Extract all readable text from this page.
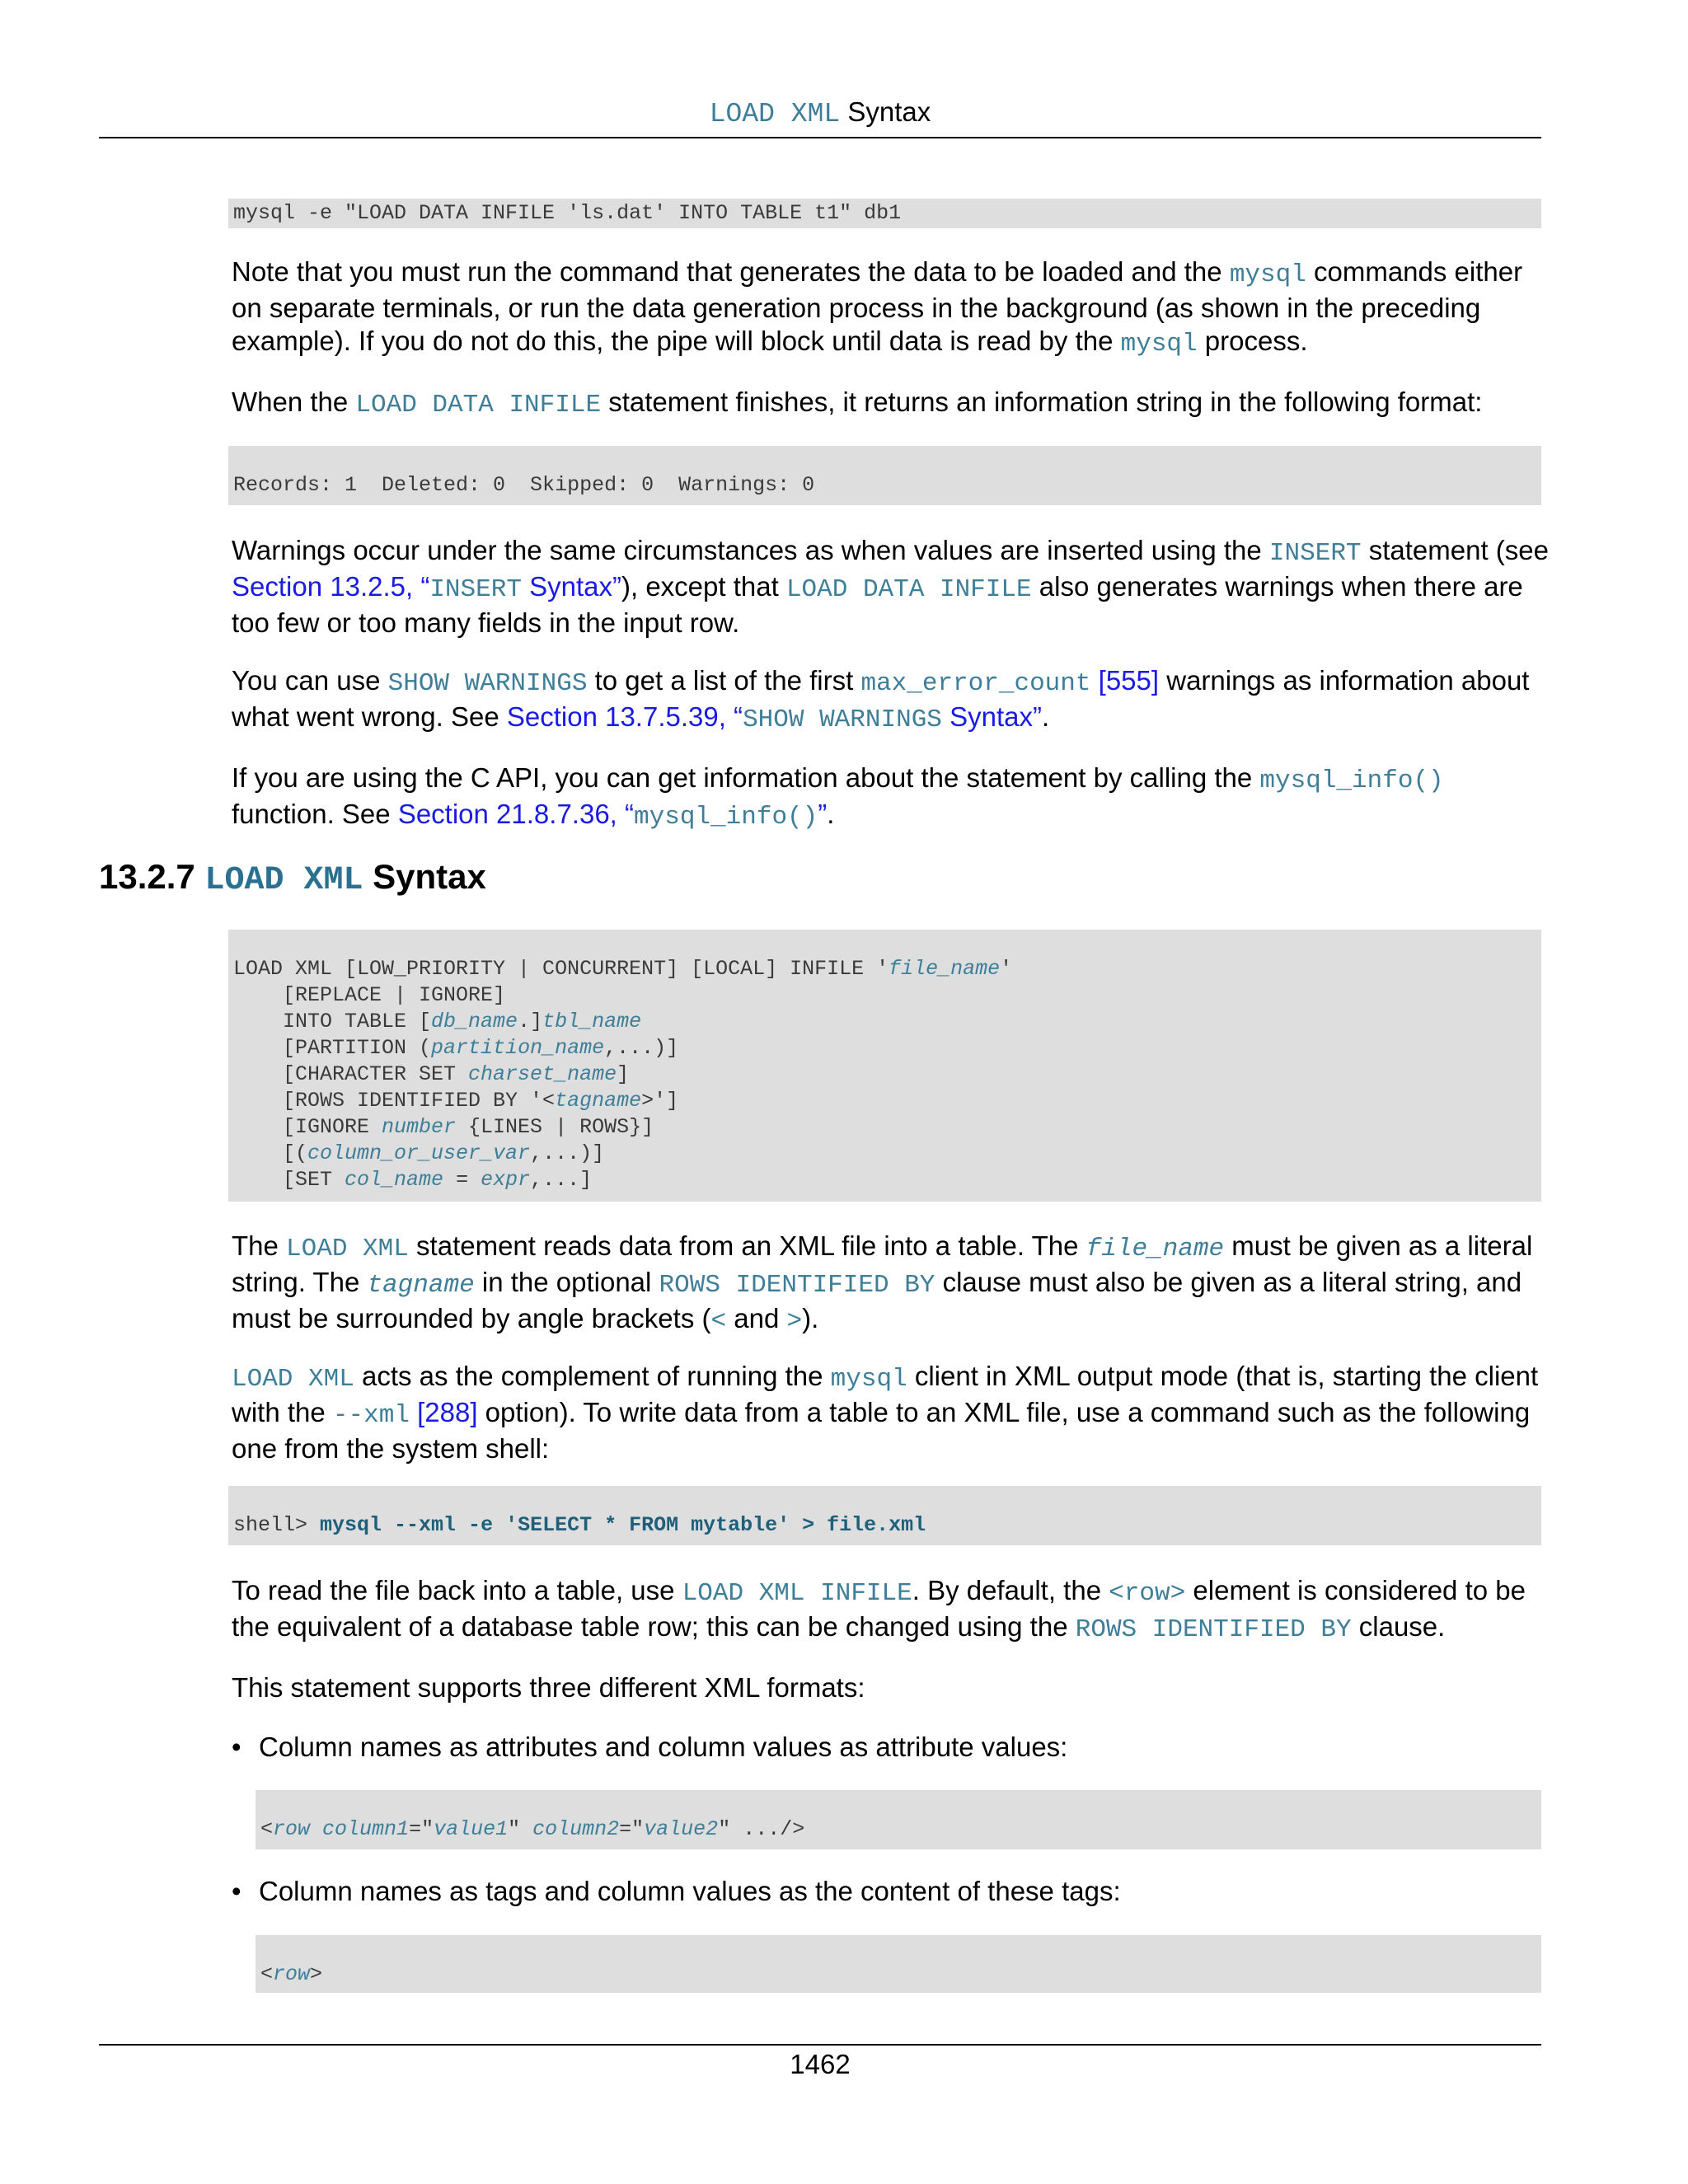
LOAD XML Syntax
mysql -e "LOAD DATA INFILE 'ls.dat' INTO TABLE t1" db1
Note that you must run the command that generates the data to be loaded and the mysql commands either on separate terminals, or run the data generation process in the background (as shown in the preceding example). If you do not do this, the pipe will block until data is read by the mysql process.
When the LOAD DATA INFILE statement finishes, it returns an information string in the following format:
Records: 1  Deleted: 0  Skipped: 0  Warnings: 0
Warnings occur under the same circumstances as when values are inserted using the INSERT statement (see Section 13.2.5, “INSERT Syntax”), except that LOAD DATA INFILE also generates warnings when there are too few or too many fields in the input row.
You can use SHOW WARNINGS to get a list of the first max_error_count [555] warnings as information about what went wrong. See Section 13.7.5.39, “SHOW WARNINGS Syntax”.
If you are using the C API, you can get information about the statement by calling the mysql_info() function. See Section 21.8.7.36, “mysql_info()”.
13.2.7 LOAD XML Syntax
LOAD XML [LOW_PRIORITY | CONCURRENT] [LOCAL] INFILE 'file_name'
[REPLACE | IGNORE]
INTO TABLE [db_name.]tbl_name
[PARTITION (partition_name,...)]
[CHARACTER SET charset_name]
[ROWS IDENTIFIED BY '<tagname>']
[IGNORE number {LINES | ROWS}]
[(column_or_user_var,...)]
[SET col_name = expr,...]
The LOAD XML statement reads data from an XML file into a table. The file_name must be given as a literal string. The tagname in the optional ROWS IDENTIFIED BY clause must also be given as a literal string, and must be surrounded by angle brackets (< and >).
LOAD XML acts as the complement of running the mysql client in XML output mode (that is, starting the client with the --xml [288] option). To write data from a table to an XML file, use a command such as the following one from the system shell:
shell> mysql --xml -e 'SELECT * FROM mytable' > file.xml
To read the file back into a table, use LOAD XML INFILE. By default, the <row> element is considered to be the equivalent of a database table row; this can be changed using the ROWS IDENTIFIED BY clause.
This statement supports three different XML formats:
• Column names as attributes and column values as attribute values:
<row column1="value1" column2="value2" .../>
• Column names as tags and column values as the content of these tags:
<row>
1462
